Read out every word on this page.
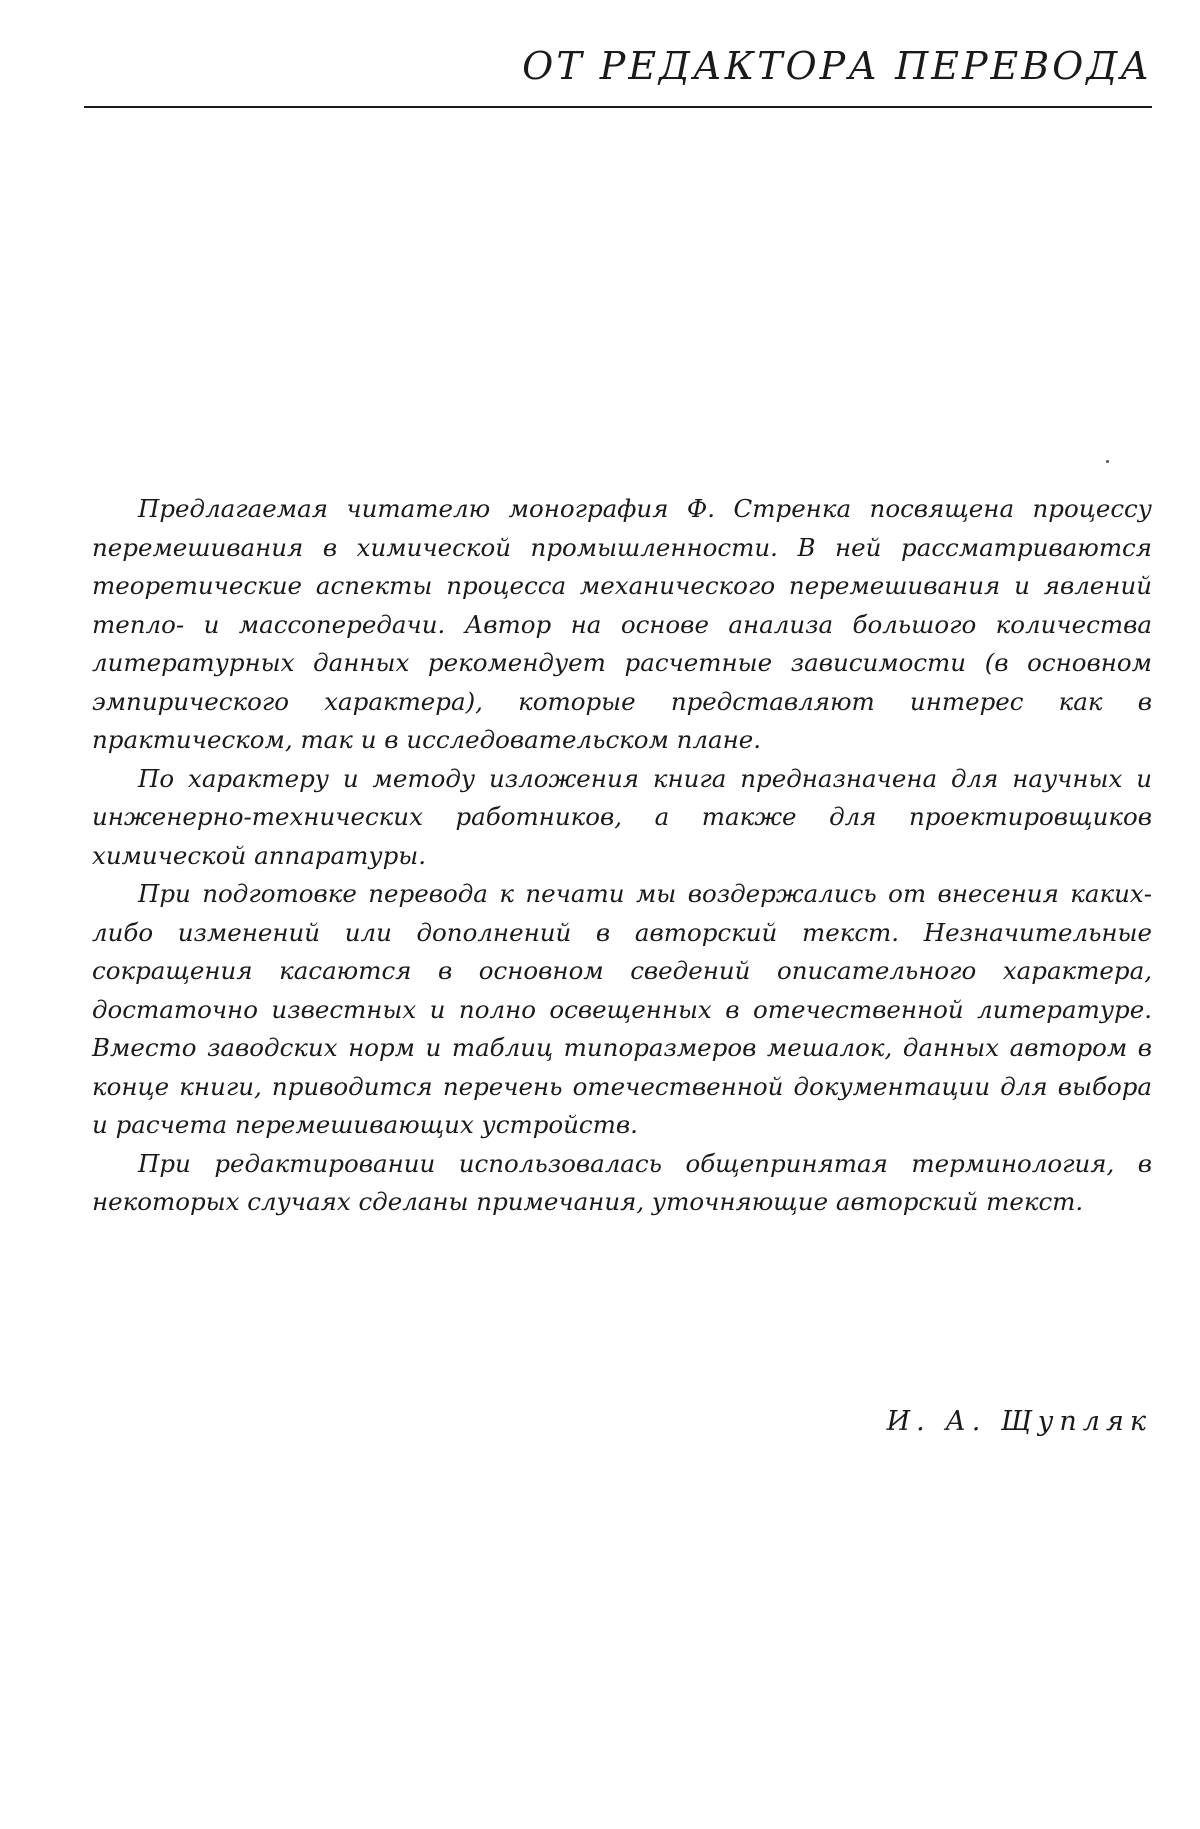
ОТ РЕДАКТОРА ПЕРЕВОДА

Предлагаемая читателю монография Ф. Стренка посвящена процессу перемешивания в химической промышленности. В ней рассматриваются теоретические аспекты процесса механического перемешивания и явлений тепло- и массопередачи. Автор на основе анализа большого количества литературных данных рекомендует расчетные зависимости (в основном эмпирического характера), которые представляют интерес как в практическом, так и в исследовательском плане.

По характеру и методу изложения книга предназначена для научных и инженерно-технических работников, а также для проектировщиков химической аппаратуры.

При подготовке перевода к печати мы воздержались от внесения каких-либо изменений или дополнений в авторский текст. Незначительные сокращения касаются в основном сведений описательного характера, достаточно известных и полно освещенных в отечественной литературе. Вместо заводских норм и таблиц типоразмеров мешалок, данных автором в конце книги, приводится перечень отечественной документации для выбора и расчета перемешивающих устройств.

При редактировании использовалась общепринятая терминология, в некоторых случаях сделаны примечания, уточняющие авторский текст.

И. А. Щупляк
